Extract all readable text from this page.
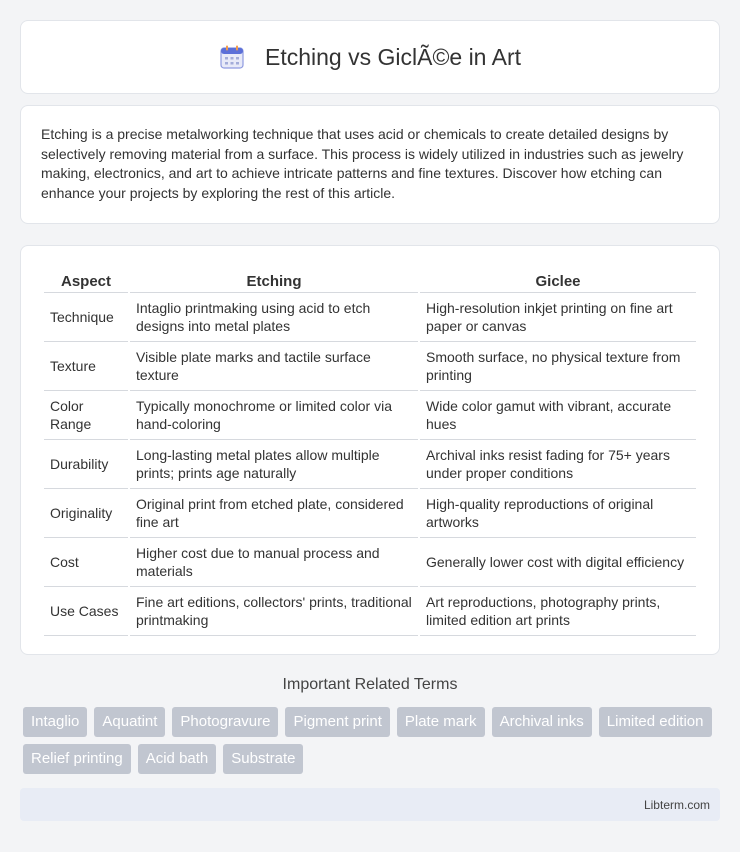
Etching vs GiclÃ©e in Art

Etching is a precise metalworking technique that uses acid or chemicals to create detailed designs by selectively removing material from a surface. This process is widely utilized in industries such as jewelry making, electronics, and art to achieve intricate patterns and fine textures. Discover how etching can enhance your projects by exploring the rest of this article.

Aspect	Etching	Giclee
Technique	Intaglio printmaking using acid to etch designs into metal plates	High-resolution inkjet printing on fine art paper or canvas
Texture	Visible plate marks and tactile surface texture	Smooth surface, no physical texture from printing
Color Range	Typically monochrome or limited color via hand-coloring	Wide color gamut with vibrant, accurate hues
Durability	Long-lasting metal plates allow multiple prints; prints age naturally	Archival inks resist fading for 75+ years under proper conditions
Originality	Original print from etched plate, considered fine art	High-quality reproductions of original artworks
Cost	Higher cost due to manual process and materials	Generally lower cost with digital efficiency
Use Cases	Fine art editions, collectors' prints, traditional printmaking	Art reproductions, photography prints, limited edition art prints
Important Related Terms
Intaglio	Aquatint	Photogravure	Pigment print	Plate mark	Archival inks	Limited edition
Relief printing	Acid bath	Substrate
Libterm.com
